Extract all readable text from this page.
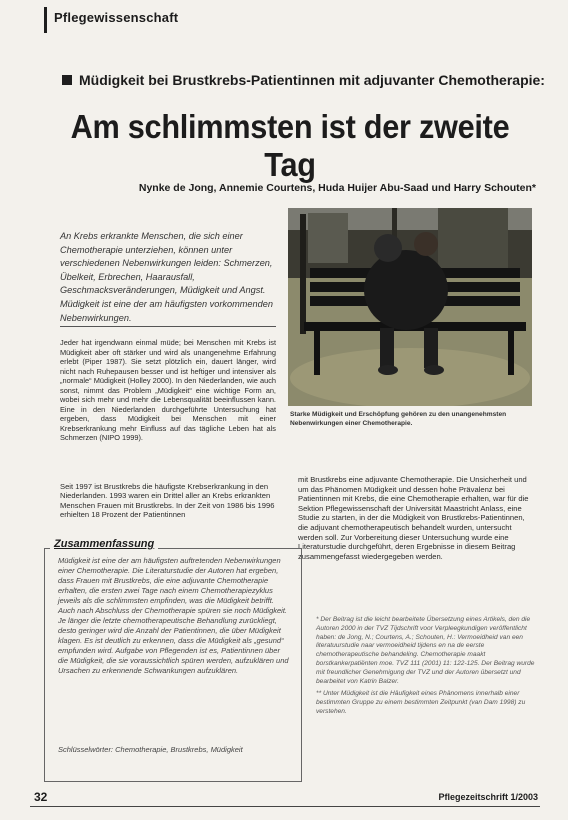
Pflegewissenschaft
Müdigkeit bei Brustkrebs-Patientinnen mit adjuvanter Chemotherapie:
Am schlimmsten ist der zweite Tag
Nynke de Jong, Annemie Courtens, Huda Huijer Abu-Saad und Harry Schouten*

An Krebs erkrankte Menschen, die sich einer Chemotherapie unterziehen, können unter verschiedenen Nebenwirkungen leiden: Schmerzen, Übelkeit, Erbrechen, Haarausfall, Geschmacksveränderungen, Müdigkeit und Angst. Müdigkeit ist eine der am häufigsten vorkommenden Nebenwirkungen.

Jeder hat irgendwann einmal müde; bei Menschen mit Krebs ist Müdigkeit aber oft stärker und wird als unangenehme Erfahrung erlebt (Piper 1987). Sie setzt plötzlich ein, dauert länger, wird nicht nach Ruhepausen besser und ist heftiger und intensiver als „normale“ Müdigkeit (Holley 2000). In den Niederlanden, wie auch sonst, nimmt das Problem „Müdigkeit“ eine wichtige Form an, wobei sich mehr und mehr die Lebensqualität beeinflussen kann. Eine in den Niederlanden durchgeführte Untersuchung hat ergeben, dass Müdigkeit bei Menschen mit einer Krebserkrankung mehr Einfluss auf das tägliche Leben hat als Schmerzen (NIPO 1999).

Seit 1997 ist Brustkrebs die häufigste Krebserkrankung in den Niederlanden. 1993 waren ein Drittel aller an Krebs erkrankten Menschen Frauen mit Brustkrebs. In der Zeit von 1986 bis 1996 erhielten 18 Prozent der Patientinnen

Starke Müdigkeit und Erschöpfung gehören zu den unangenehmsten Nebenwirkungen einer Chemotherapie.

mit Brustkrebs eine adjuvante Chemotherapie. Die Unsicherheit und um das Phänomen Müdigkeit und dessen hohe Prävalenz bei Patientinnen mit Krebs, die eine Chemotherapie erhalten, war für die Sektion Pflegewissenschaft der Universität Maastricht Anlass, eine Studie zu starten, in der die Müdigkeit von Brustkrebs-Patientinnen, die adjuvant chemotherapeutisch behandelt wurden, untersucht werden soll. Zur Vorbereitung dieser Untersuchung wurde eine Literaturstudie durchgeführt, deren Ergebnisse in diesem Beitrag zusammengefasst wiedergegeben werden.

Zusammenfassung

Müdigkeit ist eine der am häufigsten auftretenden Nebenwirkungen einer Chemotherapie. Die Literaturstudie der Autoren hat ergeben, dass Frauen mit Brustkrebs, die eine adjuvante Chemotherapie erhalten, die ersten zwei Tage nach einem Chemotherapiezyklus jeweils als die schlimmsten empfinden, was die Müdigkeit betrifft. Auch nach Abschluss der Chemotherapie spüren sie noch Müdigkeit. Je länger die letzte chemotherapeutische Behandlung zurückliegt, desto geringer wird die Anzahl der Patientinnen, die über Müdigkeit klagen. Es ist deutlich zu erkennen, dass die Müdigkeit als „gesund“ empfunden wird. Aufgabe von Pflegenden ist es, Patientinnen über die Müdigkeit, die sie voraussichtlich spüren werden, aufzuklären und Ursachen zu erkennende Schwankungen aufzuklären.

Schlüsselwörter: Chemotherapie, Brustkrebs, Müdigkeit

* Der Beitrag ist die leicht bearbeitete Übersetzung eines Artikels, den die Autoren 2000 in der TVZ Tijdschrift voor Verpleegkundigen veröffentlicht haben: de Jong, N.; Courtens, A.; Schouten, H.: Vermoeidheid van een literatuurstudie naar vermoeidheid tijdens en na de eerste chemotherapeutische behandeling. Chemotherapie maakt borstkankerpatiënten moe. TVZ 111 (2001) 11: 122-125. Der Beitrag wurde mit freundlicher Genehmigung der TVZ und der Autoren übersetzt und bearbeitet von Katrin Balzer.

** Unter Müdigkeit ist die Häufigkeit eines Phänomens innerhalb einer bestimmten Gruppe zu einem bestimmten Zeitpunkt (van Dam 1998) zu verstehen.

32	Pflegezeitschrift 1/2003
